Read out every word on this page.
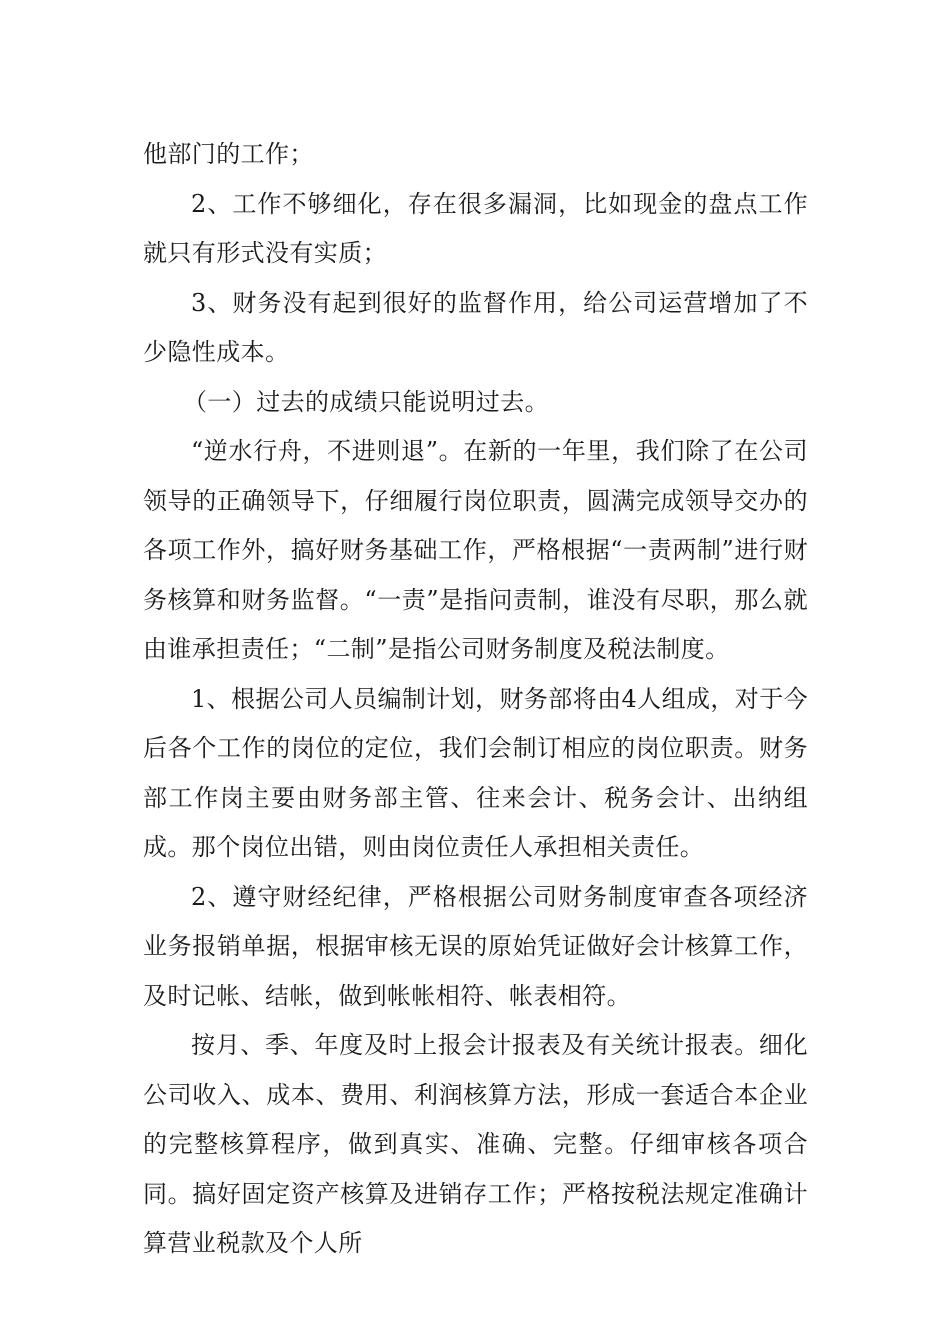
他部门的工作；

2、工作不够细化，存在很多漏洞，比如现金的盘点工作就只有形式没有实质；

3、财务没有起到很好的监督作用，给公司运营增加了不少隐性成本。

（一）过去的成绩只能说明过去。

“逆水行舟，不进则退”。在新的一年里，我们除了在公司领导的正确领导下，仔细履行岗位职责，圆满完成领导交办的各项工作外，搞好财务基础工作，严格根据“一责两制”进行财务核算和财务监督。“一责”是指问责制，谁没有尽职，那么就由谁承担责任；“二制”是指公司财务制度及税法制度。

1、根据公司人员编制计划，财务部将由4人组成，对于今后各个工作的岗位的定位，我们会制订相应的岗位职责。财务部工作岗主要由财务部主管、往来会计、税务会计、出纳组成。那个岗位出错，则由岗位责任人承担相关责任。

2、遵守财经纪律，严格根据公司财务制度审查各项经济业务报销单据，根据审核无误的原始凭证做好会计核算工作，及时记帐、结帐，做到帐帐相符、帐表相符。

按月、季、年度及时上报会计报表及有关统计报表。细化公司收入、成本、费用、利润核算方法，形成一套适合本企业的完整核算程序，做到真实、准确、完整。仔细审核各项合同。搞好固定资产核算及进销存工作；严格按税法规定准确计算营业税款及个人所
